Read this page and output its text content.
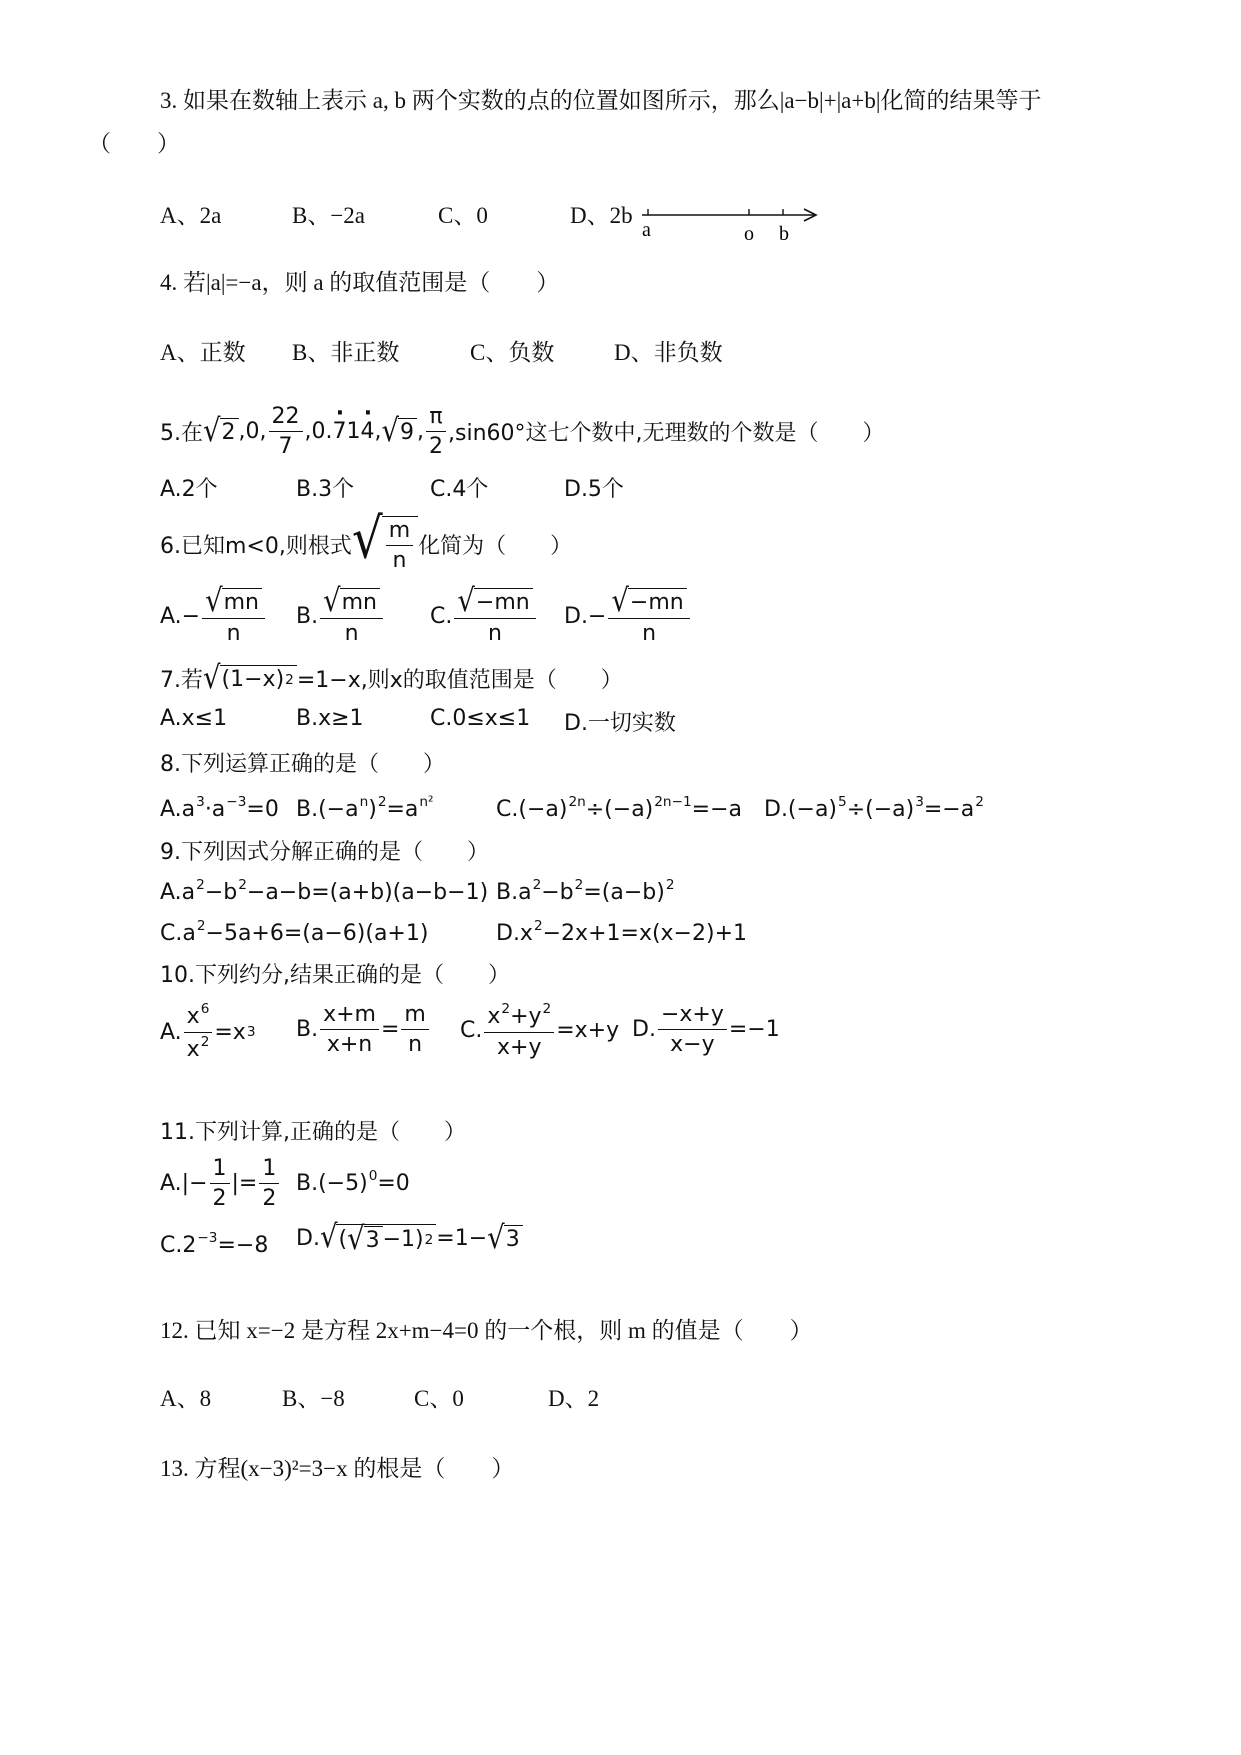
3. 如果在数轴上表示 a, b 两个实数的点的位置如图所示，那么|a−b|+|a+b|化简的结果等于
（　　）
A、2a	B、−2a	C、0	D、2b
a	o b
4. 若|a|=−a，则 a 的取值范围是（　　）
A、正数 B、非正数	C、负数	D、非负数
5.在 √ 2 ,0, $\frac{22}{7} ,0$. · 7 1 · 4 , √ 9 , $\frac{\pi}{2} ,\sin 60^\circ$这七个数中,无理数的个数是（　　）
A.2个	B.3个	C.4个	D.5个
6.已知m<0,则根式 √ $\frac{m}{n}$ 化简为（　　）
$A.- \frac{√ mn}{n} B$. $\frac{√ mn}{n} C$. $\frac{√ -mn}{n} D.- \frac{√ -mn}{n}$
7.若 √ (1−x) 2 =1−x,则x的取值范围是（　　）
A.x≤1	B.x≥1	C.0≤x≤1 D.一切实数
8.下列运算正确的是（　　）
$A.a^3\cdot a^{-3}=0$ $B.(-a^n)^2=a^{n^2}$	$C.(-a)^{2n}\div(-a)^{2n-1}=-a$ $D.(-a)^5\div(-a)^3=-a^2$
9.下列因式分解正确的是（　　）
$A.a^2-b^2-a-b=(a+b)(a-b-1)$ $B.a^2-b^2=(a-b)^2$
$C.a^2-5a+6=(a-6)(a+1)$	$D.x^2-2x+1=x(x-2)+1$
10.下列约分,结果正确的是（　　）
A. $\frac{x^6}{x^2} =x$ 3 B. $\frac{x+m}{x+n} = \frac{m}{n} C$. $\frac{x^2+y^2}{x+y} =x+y$ D. $\frac{-x+y}{x-y} =-1$
11.下列计算,正确的是（　　）
$A.|- \frac{1}{2}$ |= $\frac{1}{2} B.(-5)^0=0$
$C.2^{-3}=-8$ D. √ ( √ 3 −1) 2 =1− √ 3
12. 已知 x=−2 是方程 2x+m−4=0 的一个根，则 m 的值是（　　）
A、8	B、−8	C、0	D、2
13. 方程(x−3)²=3−x 的根是（　　）
